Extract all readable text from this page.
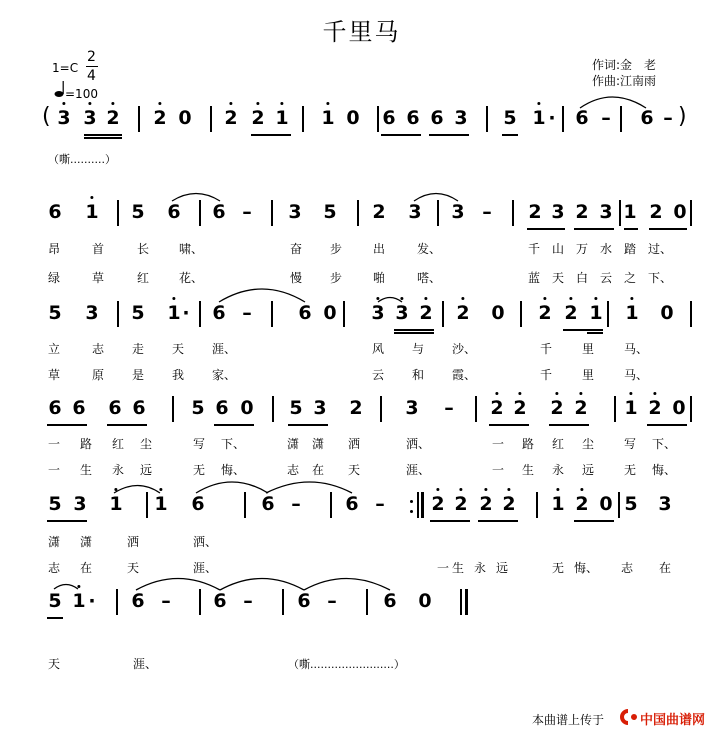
千里马
1=C
2
4
=100
作词:金　老
作曲:江南雨
( 3 3 2 2 0 2 2 1 1 0 6 6 6 3 5 1 · 6 – 6 – )
（嘶..........）
6 1 5 6 6 – 3 5 2 3 3 – 2 3 2 3 1 2 0
昂	首	长 啸、	奋 步	出	发、	千 山 万 水 踏 过、
绿	草	红 花、	慢 步	啪	嗒、	蓝 天 白 云 之 下、
5 3 5 1 · 6 – 6 0 3 3 2 2 0 2 2 1 1 0
立	志 走 天 涯、	风 与 沙、	千 里 马、
草	原 是 我 家、	云 和 霞、	千 里 马、
6 6 6 6 5 6 0 5 3 2 3 – 2 2 2 2 1 2 0
一 路 红 尘	写 下、	潇 潇 洒	洒、	一 路 红 尘 写 下、
一 生 永 远	无 悔、	志 在 天	涯、	一 生 永 远 无 悔、
5 3 1 1 6	6 – 6 – 2 2 2 2 1 2 0 5 3
潇 潇	洒	洒、
志 在	天	涯、	一 生 永 远	无 悔、 志 在
5 1 · 6 – 6 – 6 – 6 0
天	涯、	（嘶........................）
本曲谱上传于	中国曲谱网
